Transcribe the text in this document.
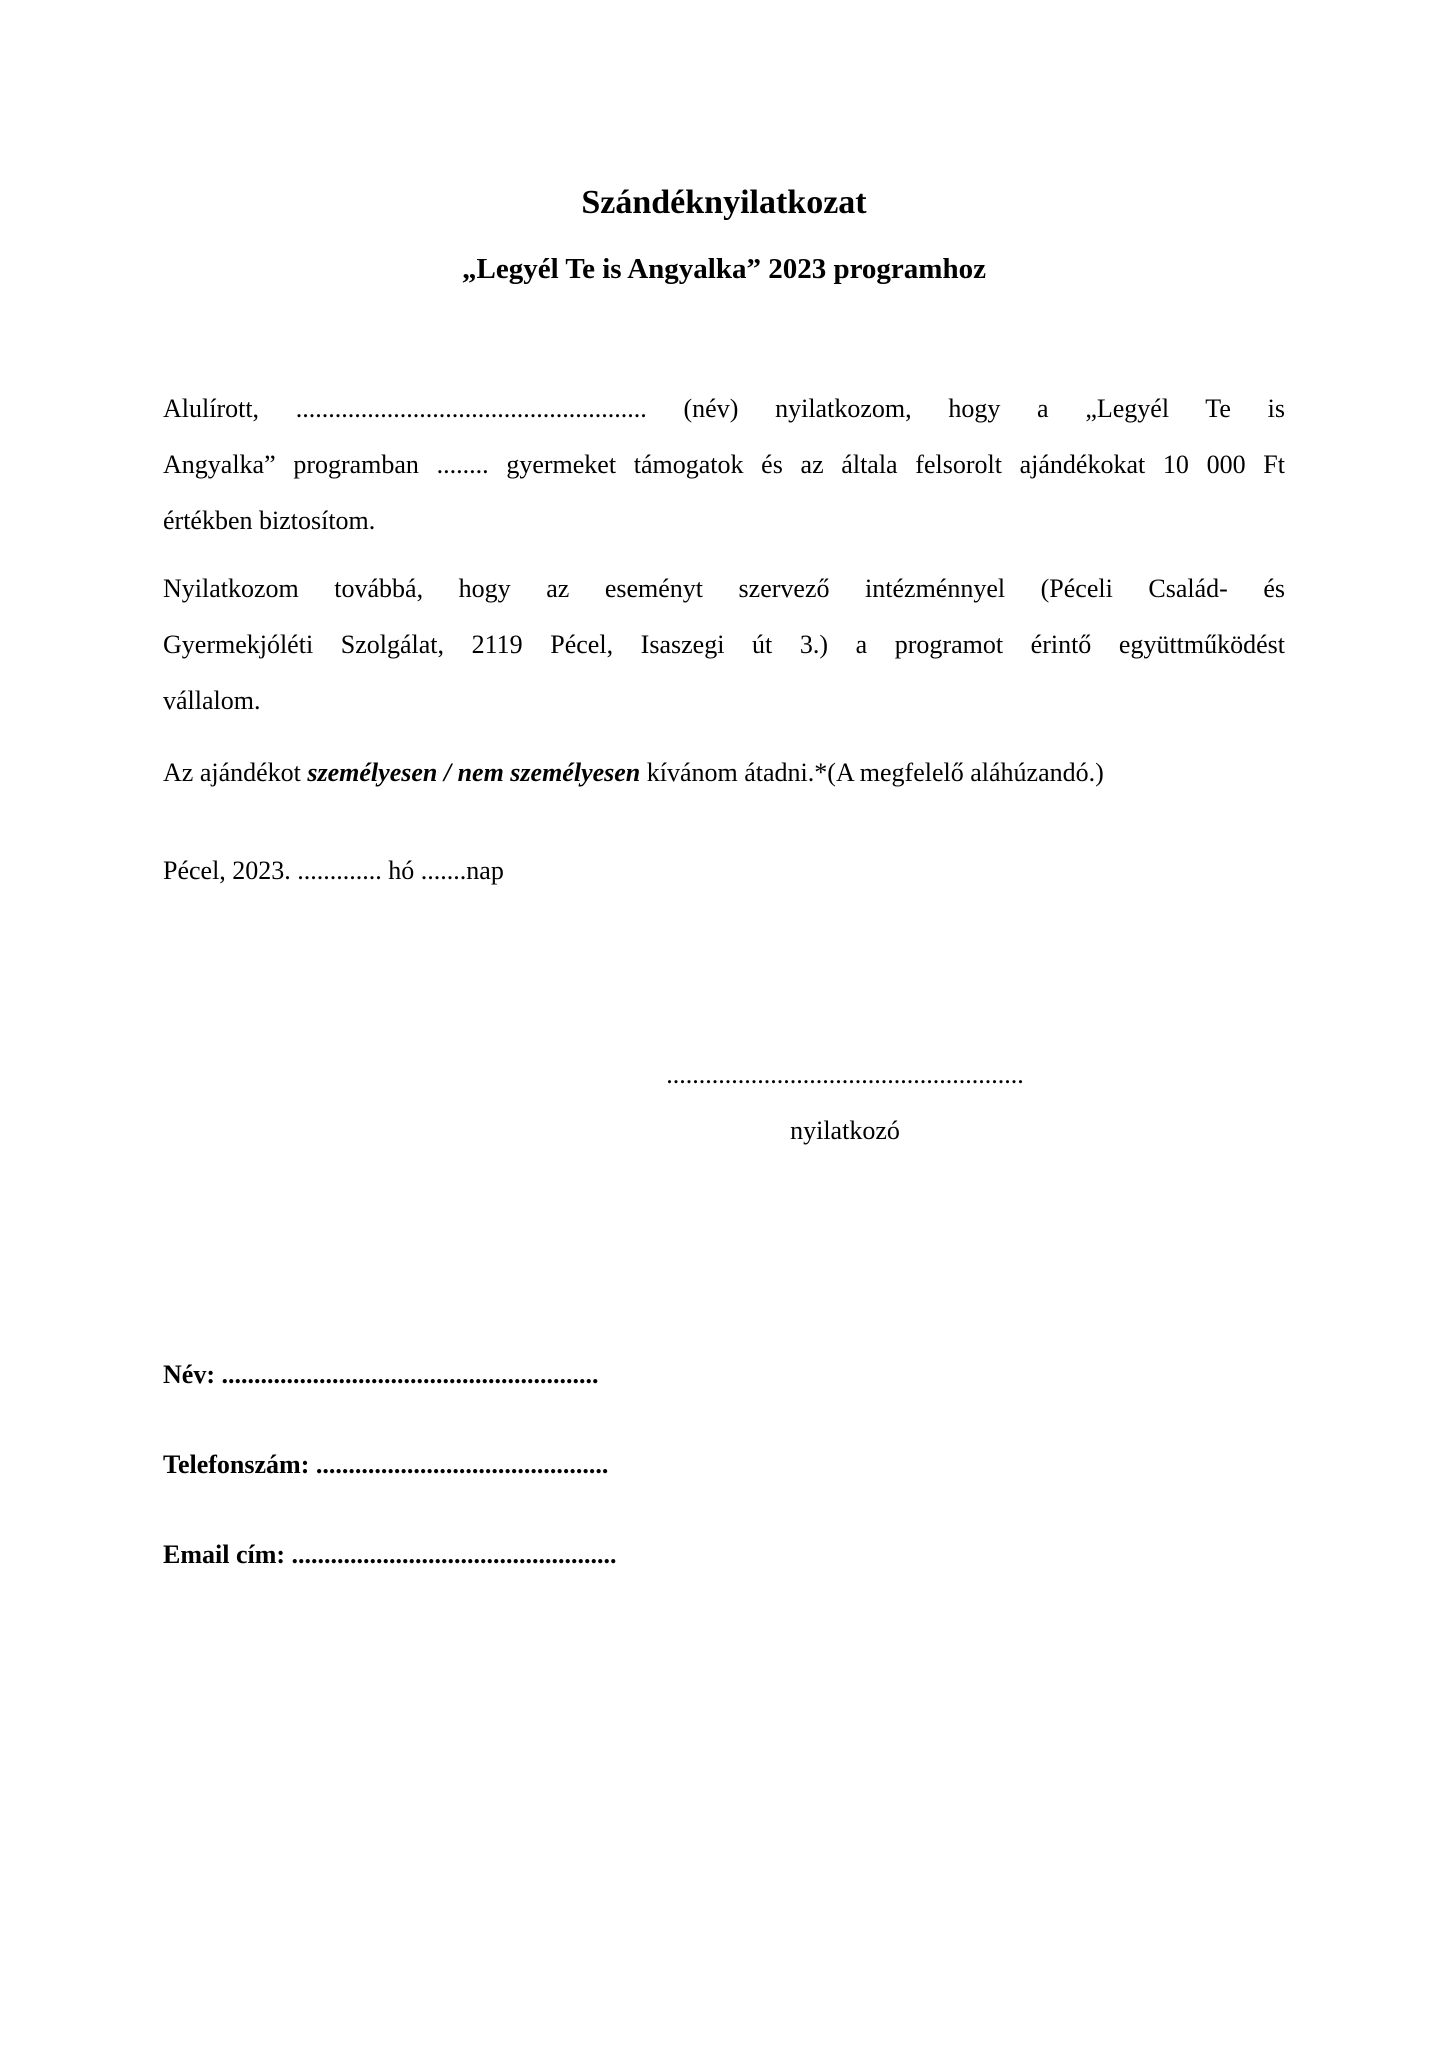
Szándéknyilatkozat
„Legyél Te is Angyalka” 2023 programhoz
Alulírott, ...................................................... (név) nyilatkozom, hogy a „Legyél Te is
Angyalka” programban ........ gyermeket támogatok és az általa felsorolt ajándékokat 10 000 Ft
értékben biztosítom.
Nyilatkozom továbbá, hogy az eseményt szervező intézménnyel (Péceli Család- és
Gyermekjóléti Szolgálat, 2119 Pécel, Isaszegi út 3.) a programot érintő együttműködést
vállalom.

Az ajándékot személyesen / nem személyesen kívánom átadni.*(A megfelelő aláhúzandó.)

Pécel, 2023. ............. hó .......nap

.......................................................
nyilatkozó

Név: ..........................................................

Telefonszám: .............................................

Email cím: ..................................................
